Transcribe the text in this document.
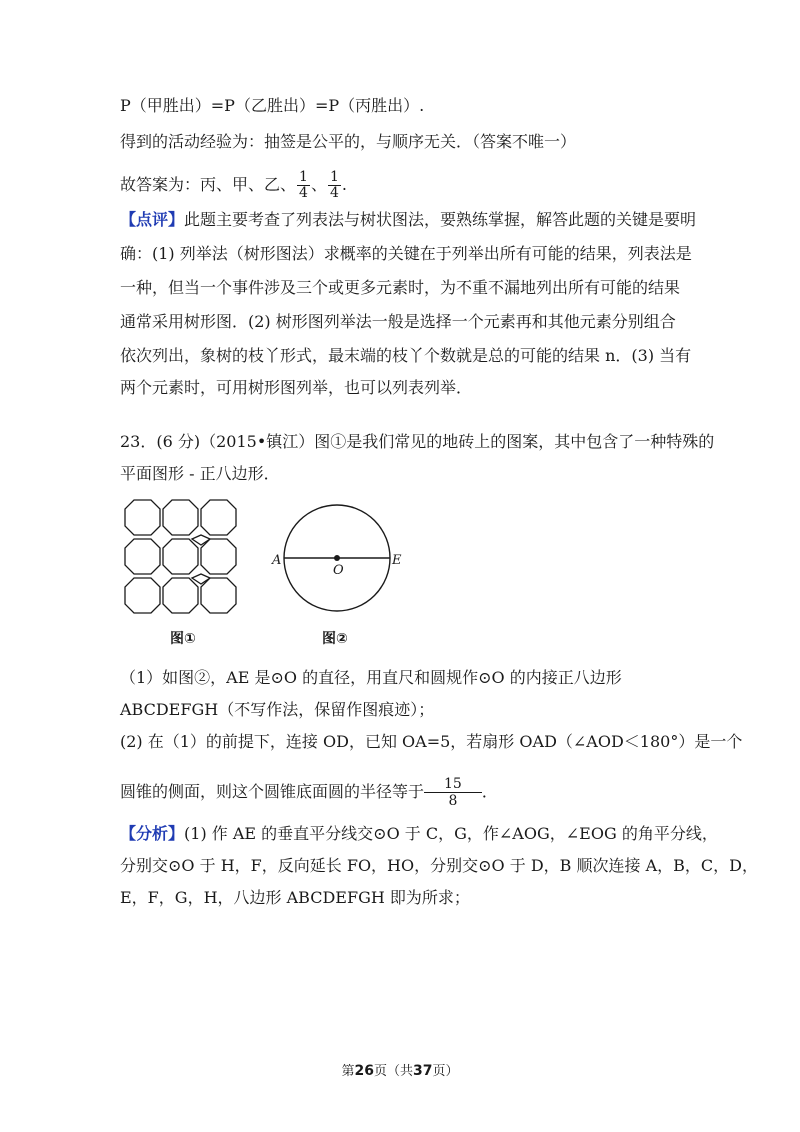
P（甲胜出）=P（乙胜出）=P（丙胜出）.
得到的活动经验为：抽签是公平的，与顺序无关．（答案不唯一）
故答案为：丙、甲、乙、 $\frac{1}{4}$ 、 $\frac{1}{4}$ .
【点评】此题主要考查了列表法与树状图法，要熟练掌握，解答此题的关键是要明
确：(1) 列举法（树形图法）求概率的关键在于列举出所有可能的结果，列表法是
一种，但当一个事件涉及三个或更多元素时，为不重不漏地列出所有可能的结果
通常采用树形图．(2) 树形图列举法一般是选择一个元素再和其他元素分别组合
依次列出，象树的枝丫形式，最末端的枝丫个数就是总的可能的结果 n．(3) 当有
两个元素时，可用树形图列举，也可以列表列举．
23．(6 分)（2015•镇江）图①是我们常见的地砖上的图案，其中包含了一种特殊的
平面图形 - 正八边形．
图①
A
O
E
图②
（1）如图②，AE 是⊙O 的直径，用直尺和圆规作⊙O 的内接正八边形
ABCDEFGH（不写作法，保留作图痕迹）；
(2) 在（1）的前提下，连接 OD，已知 OA=5，若扇形 OAD（∠AOD＜180°）是一个
圆锥的侧面，则这个圆锥底面圆的半径等于 $\frac{15}{8}$ ．
【分析】(1) 作 AE 的垂直平分线交⊙O 于 C，G，作∠AOG，∠EOG 的角平分线，
分别交⊙O 于 H，F，反向延长 FO，HO，分别交⊙O 于 D，B 顺次连接 A，B，C，D，
E，F，G，H，八边形 ABCDEFGH 即为所求；
第26页（共37页）
